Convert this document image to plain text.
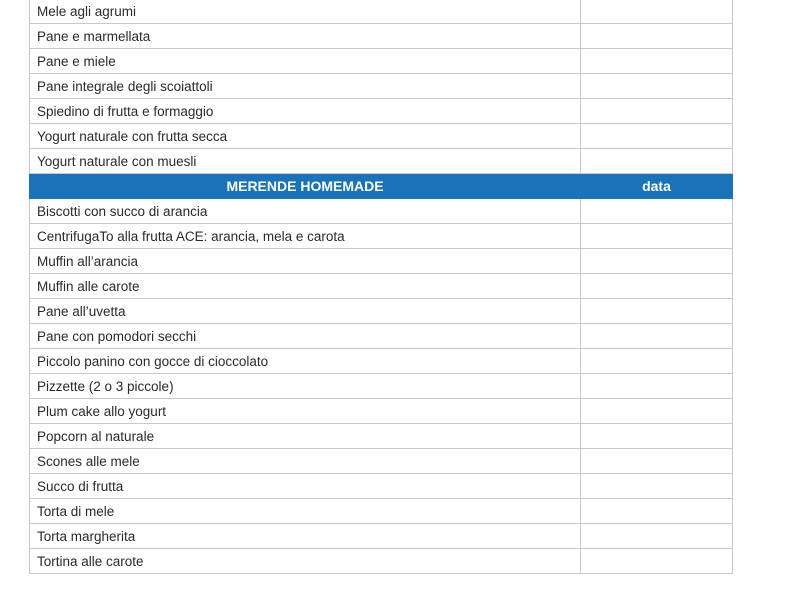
Mele agli agrumi	
Pane e marmellata	
Pane e miele	
Pane integrale degli scoiattoli	
Spiedino di frutta e formaggio	
Yogurt naturale con frutta secca	
Yogurt naturale con muesli	
MERENDE HOMEMADE	data
Biscotti con succo di arancia	
CentrifugaTo alla frutta ACE: arancia, mela e carota	
Muffin all’arancia	
Muffin alle carote	
Pane all’uvetta	
Pane con pomodori secchi	
Piccolo panino con gocce di cioccolato	
Pizzette (2 o 3 piccole)	
Plum cake allo yogurt	
Popcorn al naturale	
Scones alle mele	
Succo di frutta	
Torta di mele	
Torta margherita	
Tortina alle carote	
